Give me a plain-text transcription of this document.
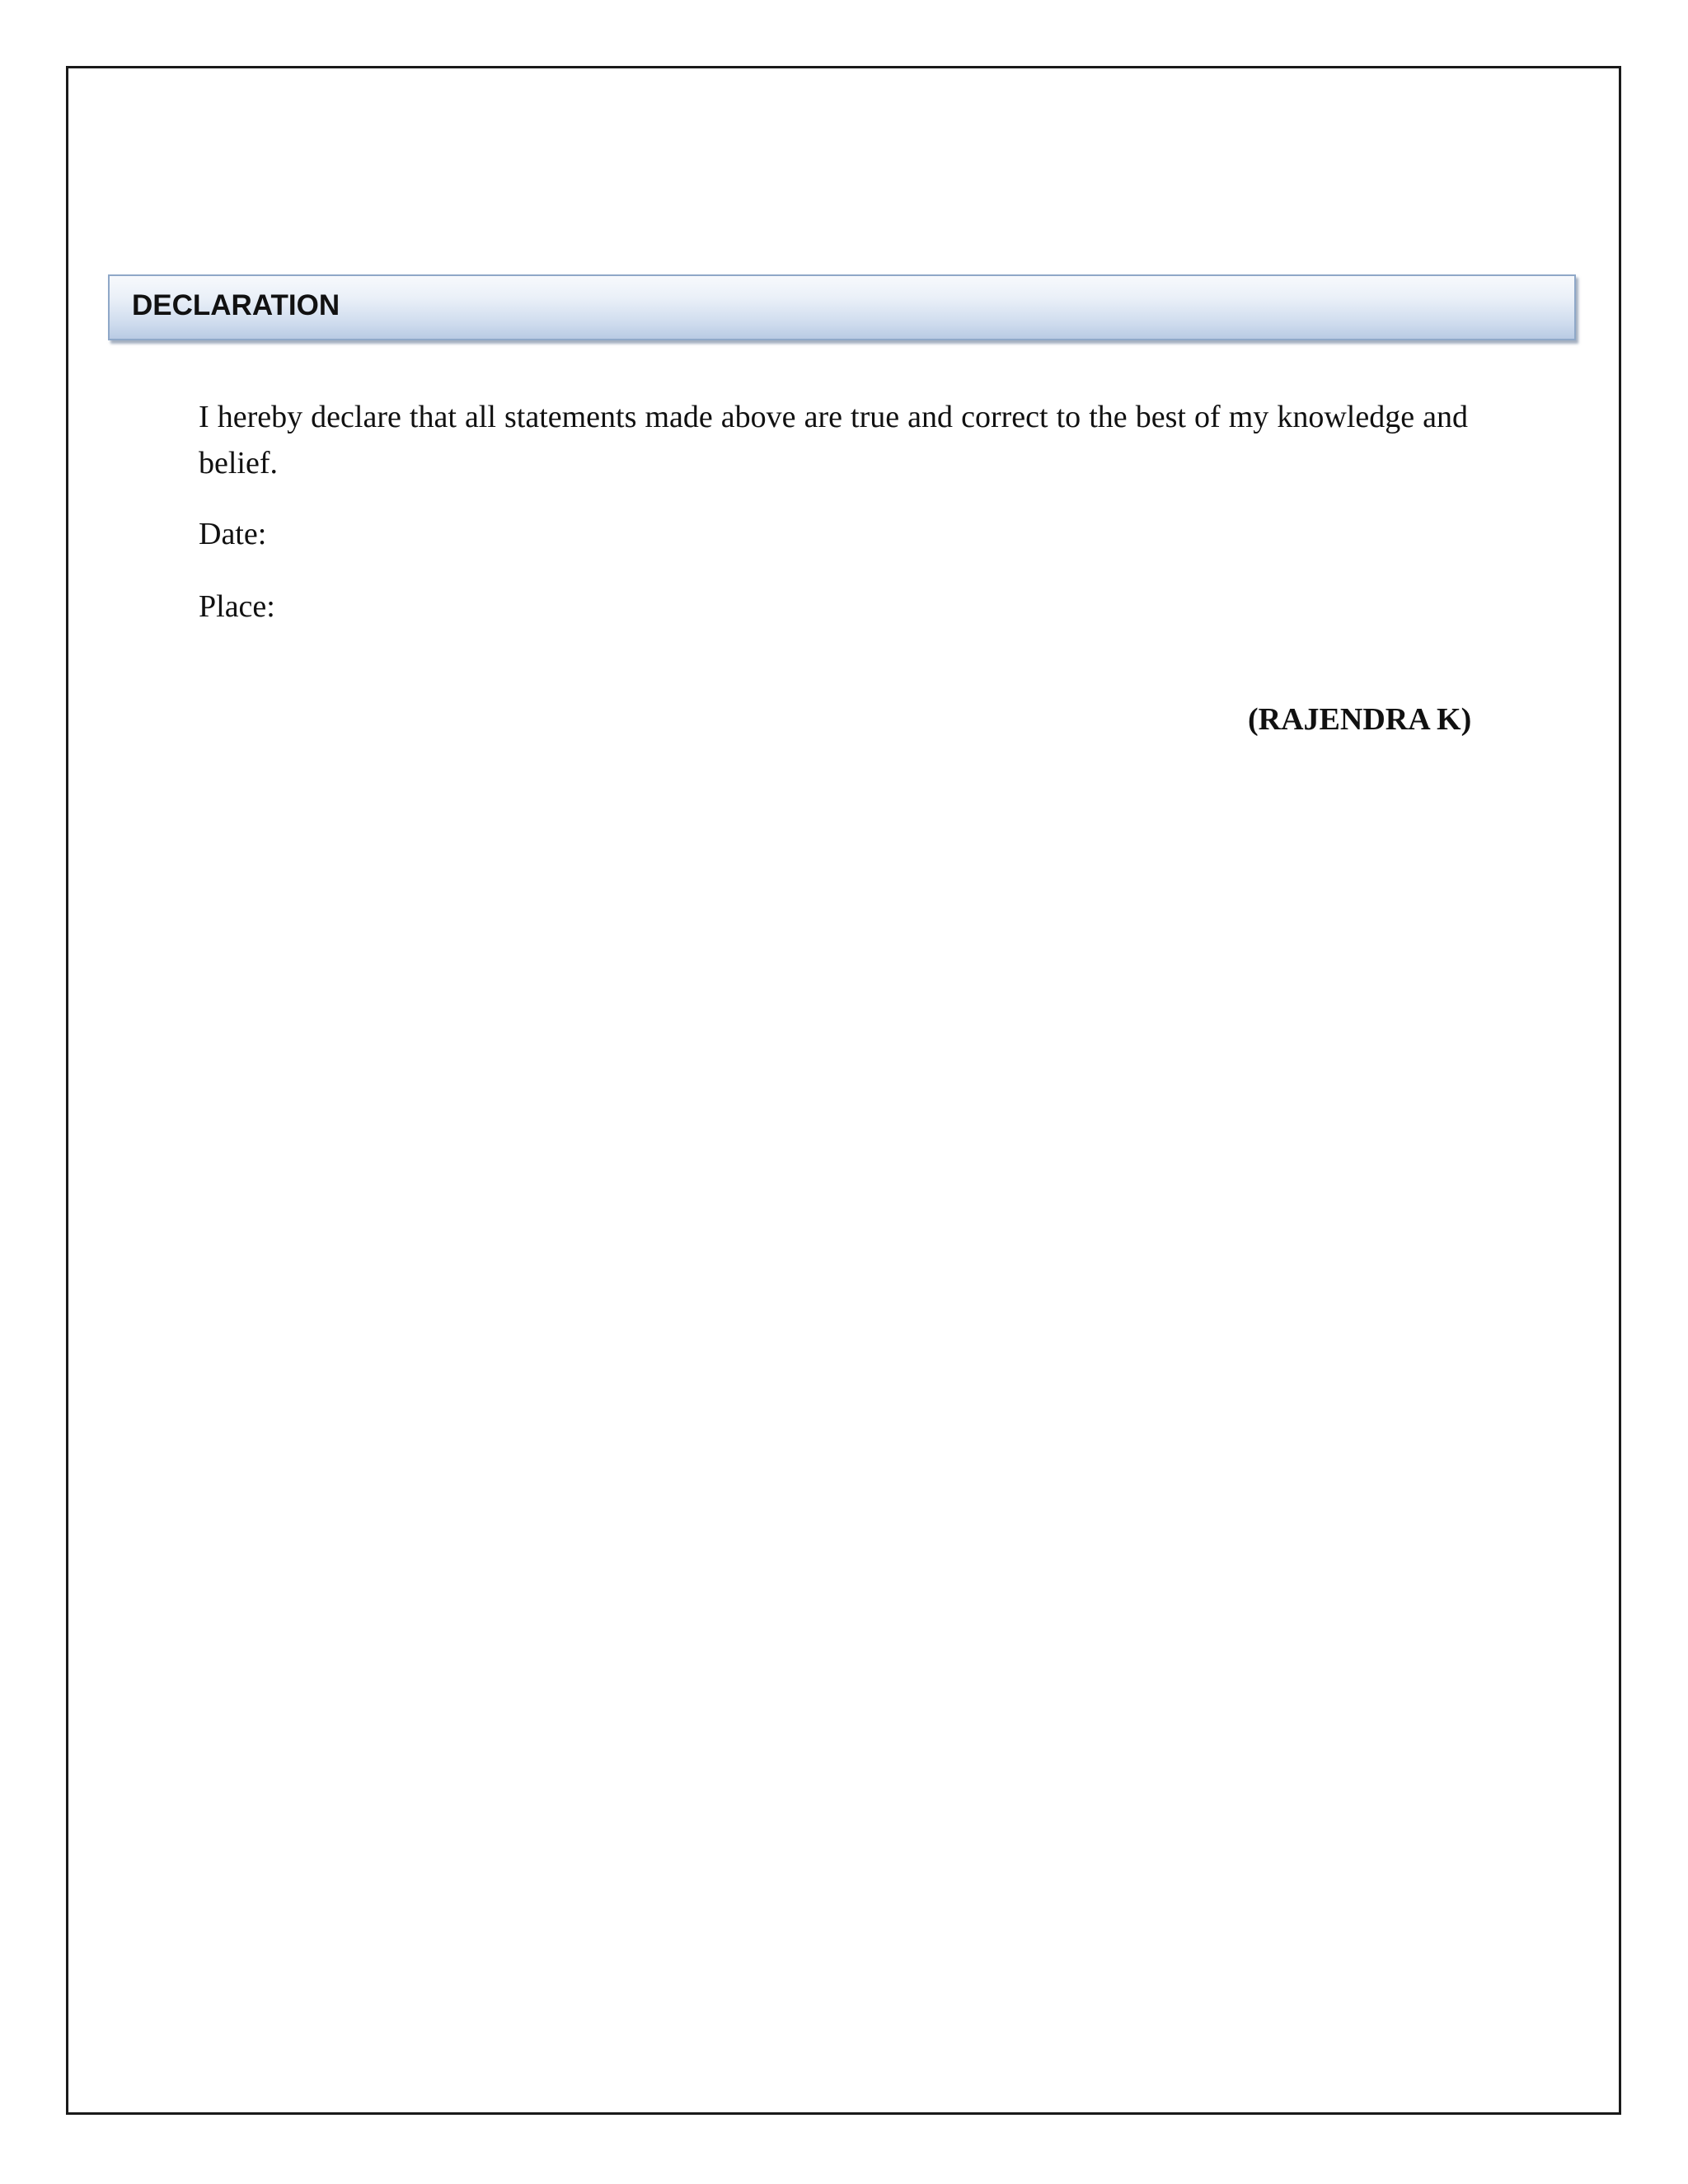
DECLARATION

I hereby declare that all statements made above are true and correct to the best of my knowledge and belief.

Date:

Place:

(RAJENDRA K)
